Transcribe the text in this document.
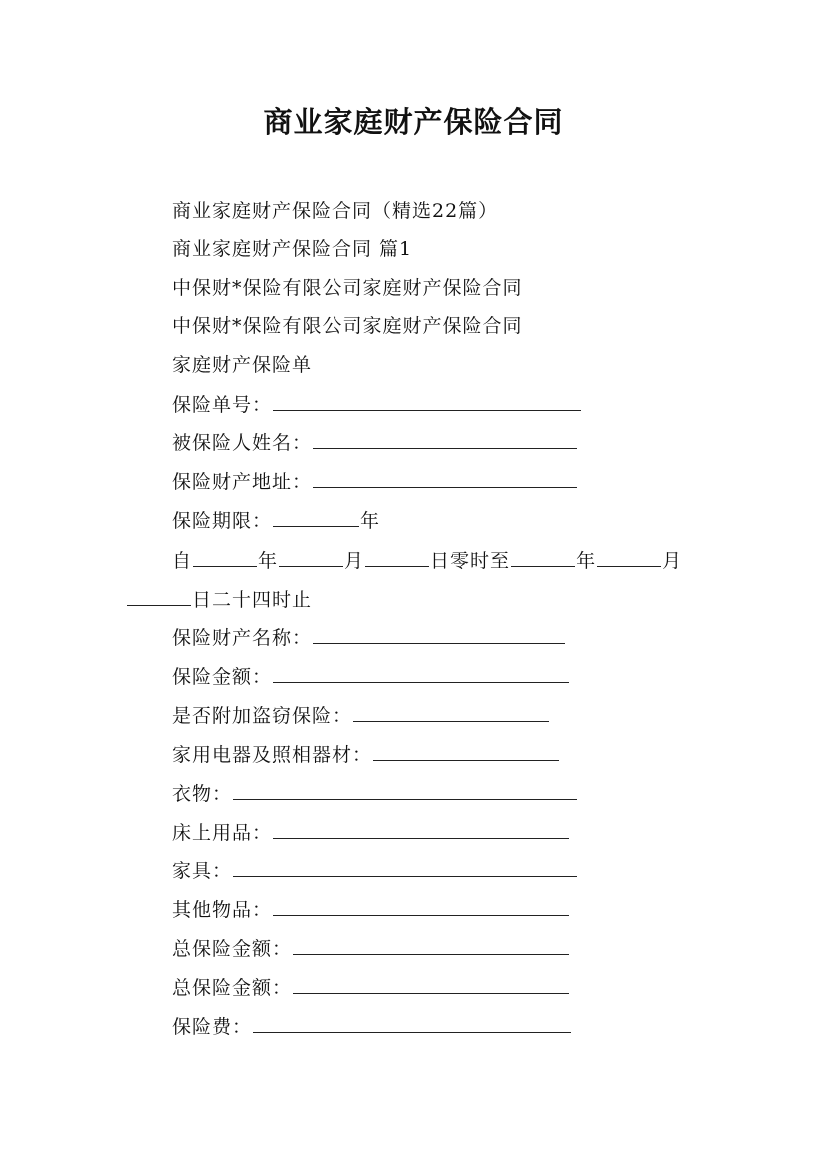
商业家庭财产保险合同
商业家庭财产保险合同（精选22篇）
商业家庭财产保险合同 篇1
中保财*保险有限公司家庭财产保险合同
中保财*保险有限公司家庭财产保险合同
家庭财产保险单
保险单号：
被保险人姓名：
保险财产地址：
保险期限：	年
自	年	月	日零时至	年	月
日二十四时止
保险财产名称：
保险金额：
是否附加盗窃保险：
家用电器及照相器材：
衣物：
床上用品：
家具：
其他物品：
总保险金额：
总保险金额：
保险费：
